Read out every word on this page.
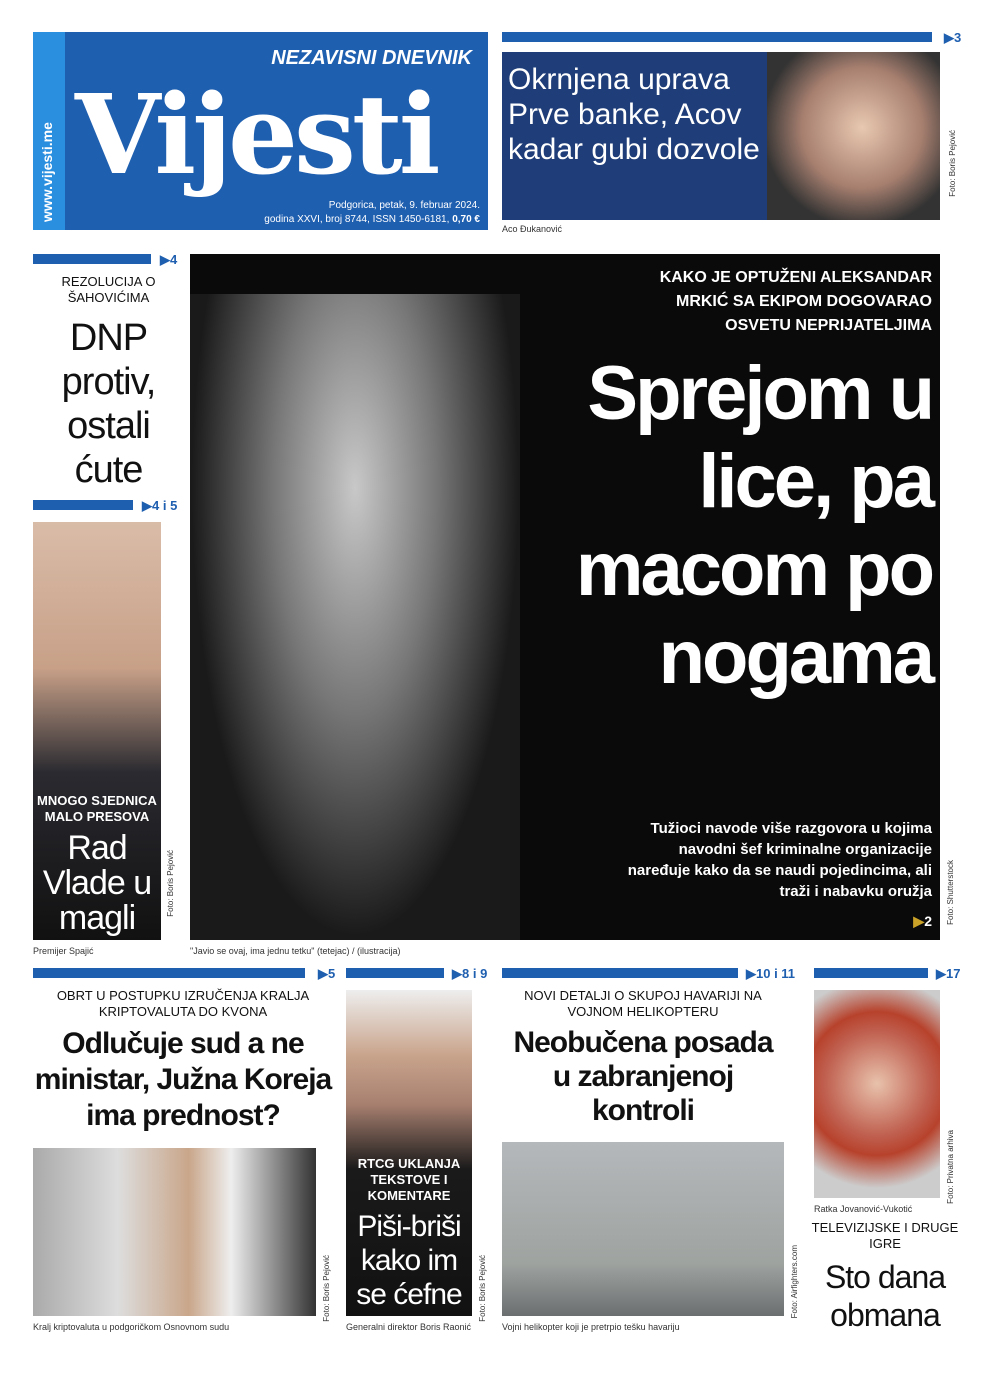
www.vijesti.me
NEZAVISNI DNEVNIK
Vijesti
Podgorica, petak, 9. februar 2024.
godina XXVI, broj 8744, ISSN 1450-6181, 0,70 €
▶3
Okrnjena uprava Prve banke, Acov kadar gubi dozvole
Aco Đukanović
Foto: Boris Pejović
▶4
REZOLUCIJA O ŠAHOVIĆIMA
DNP protiv, ostali ćute
▶4 i 5
MNOGO SJEDNICA MALO PRESOVA
Rad Vlade u magli
Premijer Spajić
Foto: Boris Pejović
KAKO JE OPTUŽENI ALEKSANDAR MRKIĆ SA EKIPOM DOGOVARAO OSVETU NEPRIJATELJIMA
Sprejom u lice, pa macom po nogama
Tužioci navode više razgovora u kojima navodni šef kriminalne organizacije naređuje kako da se naudi pojedincima, ali traži i nabavku oružja
▶2
"Javio se ovaj, ima jednu tetku" (tetejac) / (ilustracija)
Foto: Shutterstock
▶5
OBRT U POSTUPKU IZRUČENJA KRALJA KRIPTOVALUTA DO KVONA
Odlučuje sud a ne ministar, Južna Koreja ima prednost?
Kralj kriptovaluta u podgoričkom Osnovnom sudu
Foto: Boris Pejović
▶8 i 9
RTCG UKLANJA TEKSTOVE I KOMENTARE
Piši-briši kako im se ćefne
Generalni direktor Boris Raonić
Foto: Boris Pejović
▶10 i 11
NOVI DETALJI O SKUPOJ HAVARIJI NA VOJNOM HELIKOPTERU
Neobučena posada u zabranjenoj kontroli
Vojni helikopter koji je pretrpio tešku havariju
Foto: Airfighters.com
▶17
Ratka Jovanović-Vukotić
Foto: Privatna arhiva
TELEVIZIJSKE I DRUGE IGRE
Sto dana obmana
